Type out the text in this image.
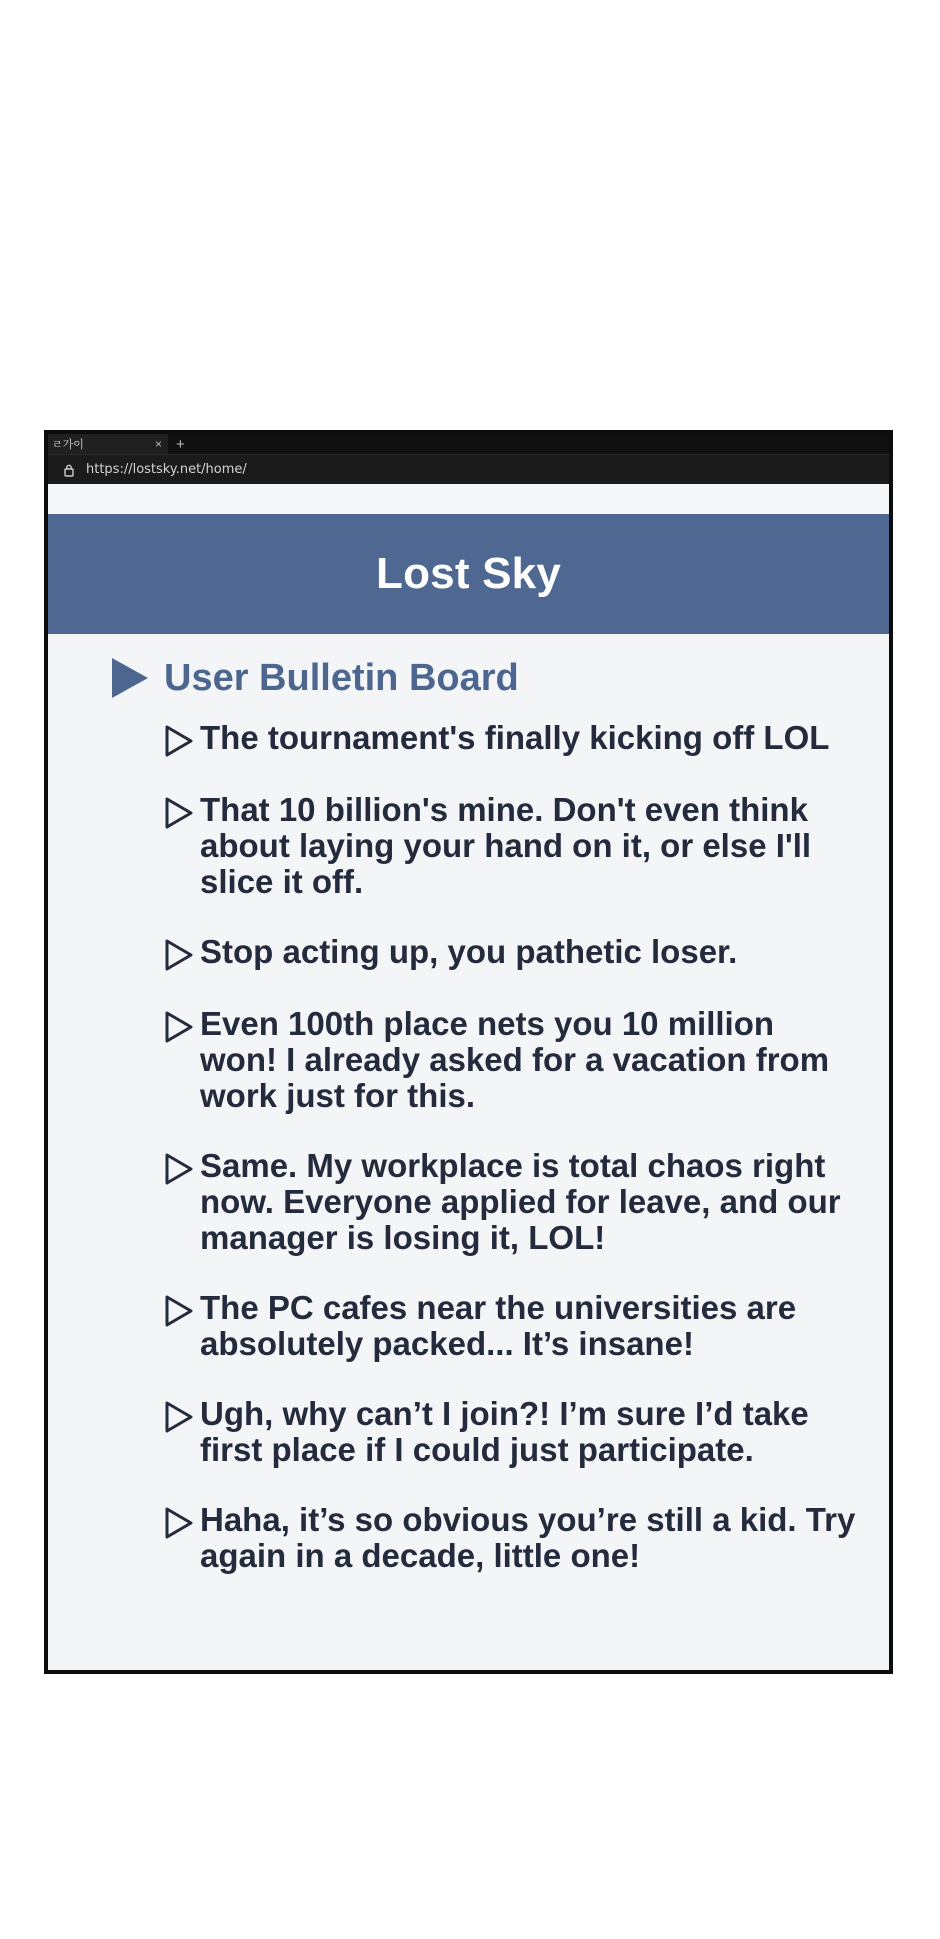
ㄹ가이	× +
https://lostsky.net/home/
Lost Sky
User Bulletin Board
The tournament's finally kicking off LOL
That 10 billion's mine. Don't even think about laying your hand on it, or else I'll slice it off.
Stop acting up, you pathetic loser.
Even 100th place nets you 10 million won! I already asked for a vacation from work just for this.
Same. My workplace is total chaos right now. Everyone applied for leave, and our manager is losing it, LOL!
The PC cafes near the universities are absolutely packed... It’s insane!
Ugh, why can’t I join?! I’m sure I’d take first place if I could just participate.
Haha, it’s so obvious you’re still a kid. Try again in a decade, little one!
